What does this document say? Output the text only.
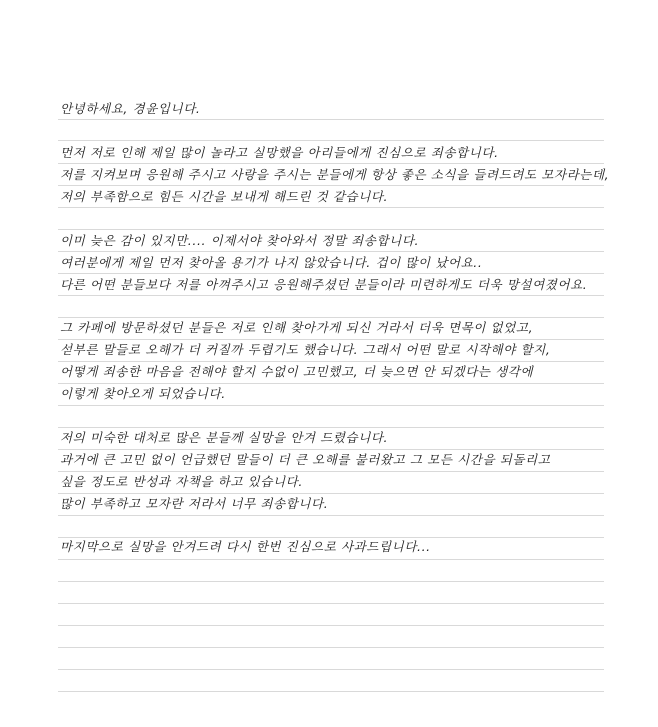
안녕하세요, 경윤입니다.
먼저 저로 인해 제일 많이 놀라고 실망했을 아리들에게 진심으로 죄송합니다.
저를 지켜보며 응원해 주시고 사랑을 주시는 분들에게 항상 좋은 소식을 들려드려도 모자라는데,
저의 부족함으로 힘든 시간을 보내게 해드린 것 같습니다.
이미 늦은 감이 있지만.... 이제서야 찾아와서 정말 죄송합니다.
여러분에게 제일 먼저 찾아올 용기가 나지 않았습니다. 겁이 많이 났어요..
다른 어떤 분들보다 저를 아껴주시고 응원해주셨던 분들이라 미련하게도 더욱 망설여졌어요.
그 카페에 방문하셨던 분들은 저로 인해 찾아가게 되신 거라서 더욱 면목이 없었고,
섣부른 말들로 오해가 더 커질까 두렵기도 했습니다. 그래서 어떤 말로 시작해야 할지,
어떻게 죄송한 마음을 전해야 할지 수없이 고민했고, 더 늦으면 안 되겠다는 생각에
이렇게 찾아오게 되었습니다.
저의 미숙한 대처로 많은 분들께 실망을 안겨 드렸습니다.
과거에 큰 고민 없이 언급했던 말들이 더 큰 오해를 불러왔고 그 모든 시간을 되돌리고
싶을 정도로 반성과 자책을 하고 있습니다.
많이 부족하고 모자란 저라서 너무 죄송합니다.
마지막으로 실망을 안겨드려 다시 한번 진심으로 사과드립니다...
